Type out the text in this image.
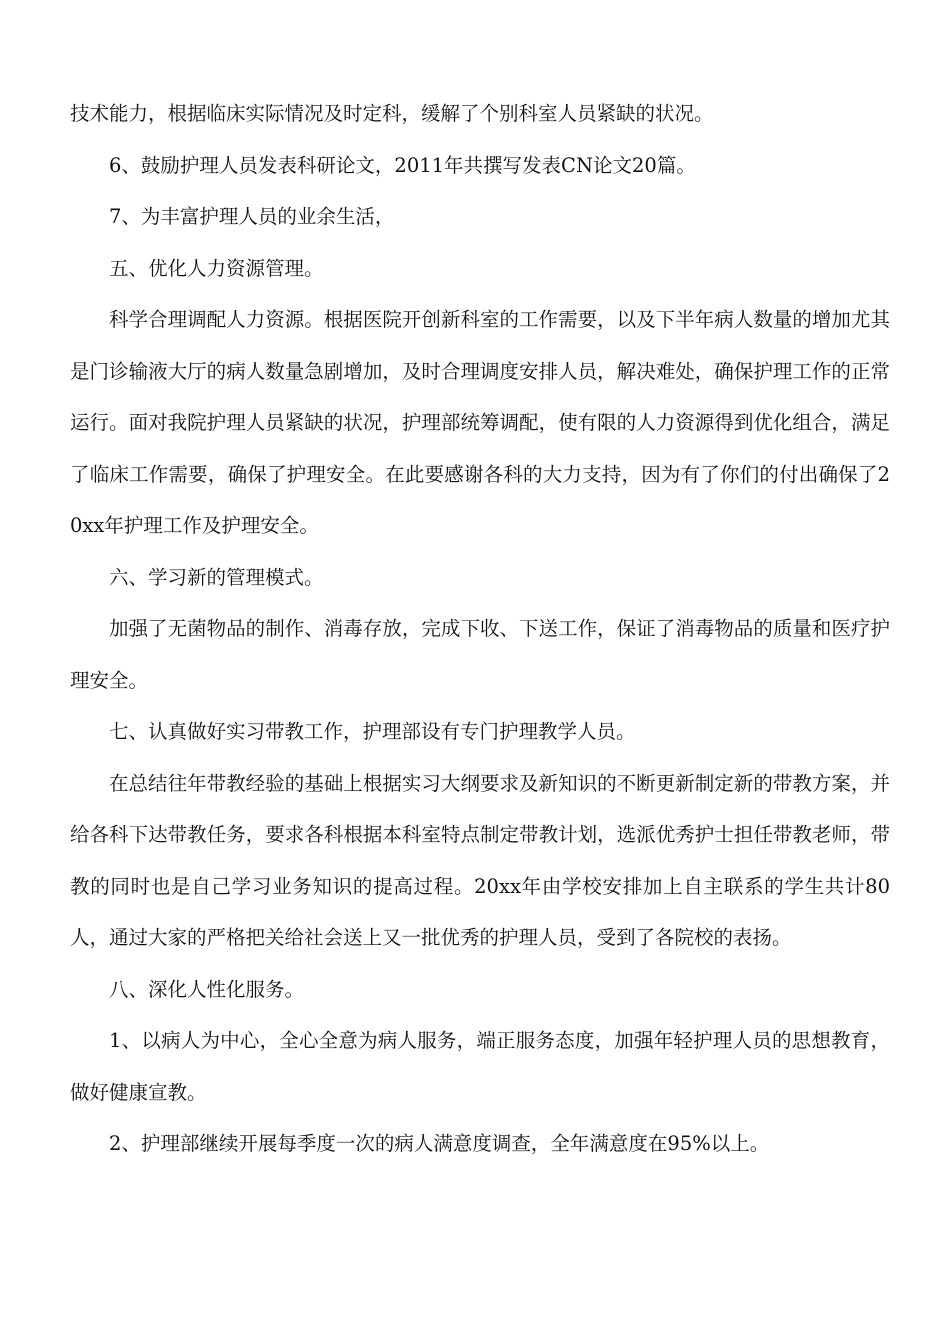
技术能力，根据临床实际情况及时定科，缓解了个别科室人员紧缺的状况。

6、鼓励护理人员发表科研论文，2011年共撰写发表CN论文20篇。

7、为丰富护理人员的业余生活，

五、优化人力资源管理。

科学合理调配人力资源。根据医院开创新科室的工作需要，以及下半年病人数量的增加尤其是门诊输液大厅的病人数量急剧增加，及时合理调度安排人员，解决难处，确保护理工作的正常运行。面对我院护理人员紧缺的状况，护理部统筹调配，使有限的人力资源得到优化组合，满足了临床工作需要，确保了护理安全。在此要感谢各科的大力支持，因为有了你们的付出确保了20xx年护理工作及护理安全。

六、学习新的管理模式。

加强了无菌物品的制作、消毒存放，完成下收、下送工作，保证了消毒物品的质量和医疗护理安全。

七、认真做好实习带教工作，护理部设有专门护理教学人员。

在总结往年带教经验的基础上根据实习大纲要求及新知识的不断更新制定新的带教方案，并给各科下达带教任务，要求各科根据本科室特点制定带教计划，选派优秀护士担任带教老师，带教的同时也是自己学习业务知识的提高过程。20xx年由学校安排加上自主联系的学生共计80人，通过大家的严格把关给社会送上又一批优秀的护理人员，受到了各院校的表扬。

八、深化人性化服务。

1、以病人为中心，全心全意为病人服务，端正服务态度，加强年轻护理人员的思想教育，做好健康宣教。

2、护理部继续开展每季度一次的病人满意度调查，全年满意度在95%以上。
